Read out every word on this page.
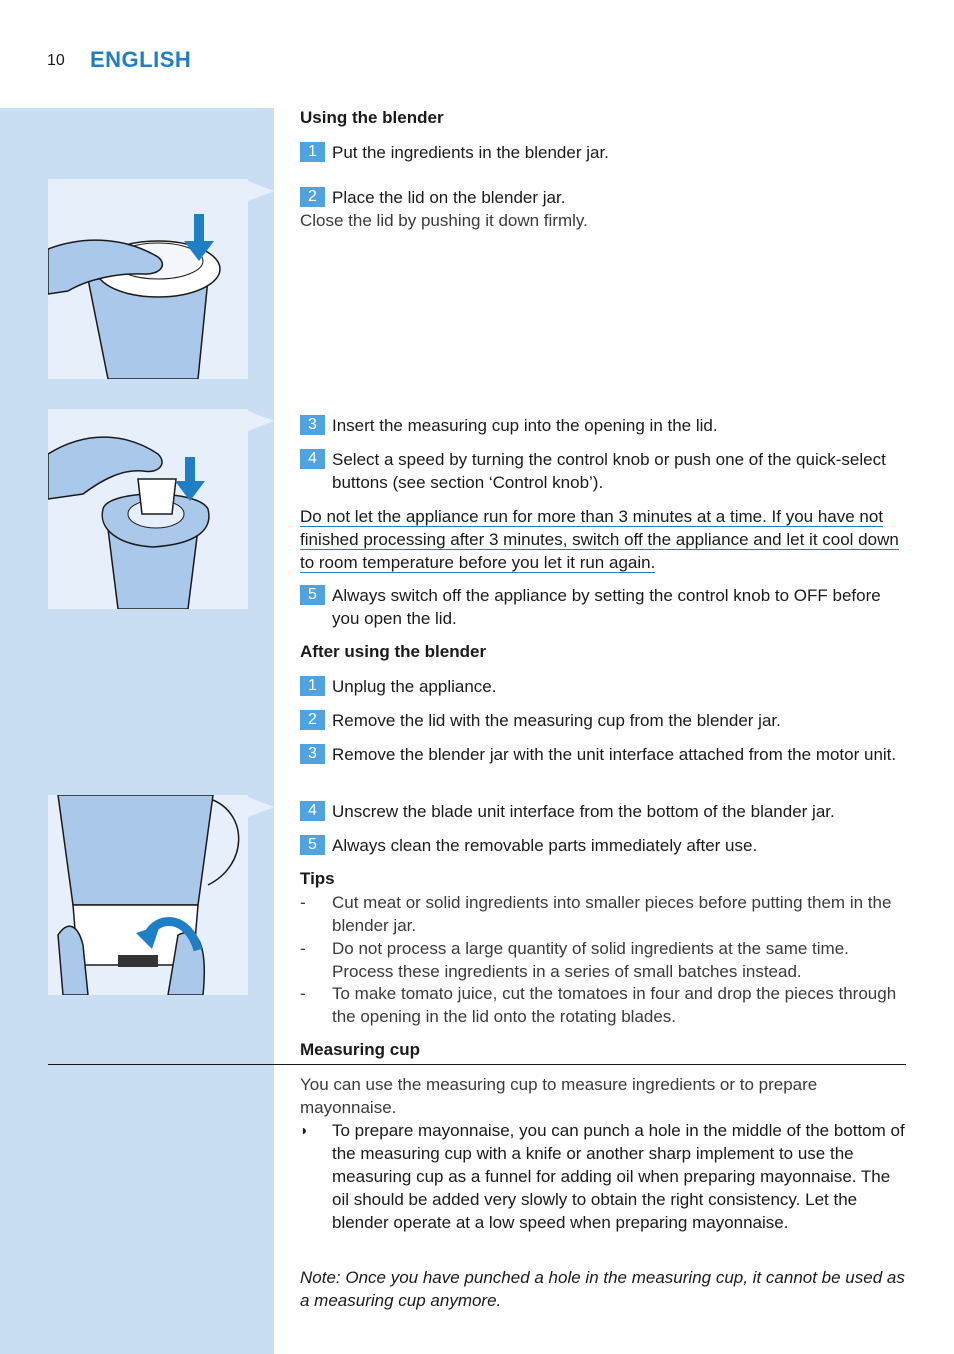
10 ENGLISH
Using the blender
1 Put the ingredients in the blender jar.
2 Place the lid on the blender jar.
Close the lid by pushing it down firmly.
3 Insert the measuring cup into the opening in the lid.
4 Select a speed by turning the control knob or push one of the quick-select buttons (see section ‘Control knob’).
Do not let the appliance run for more than 3 minutes at a time. If you have not finished processing after 3 minutes, switch off the appliance and let it cool down to room temperature before you let it run again.
5 Always switch off the appliance by setting the control knob to OFF before you open the lid.
After using the blender
1 Unplug the appliance.
2 Remove the lid with the measuring cup from the blender jar.
3 Remove the blender jar with the unit interface attached from the motor unit.
4 Unscrew the blade unit interface from the bottom of the blander jar.
5 Always clean the removable parts immediately after use.
Tips
- Cut meat or solid ingredients into smaller pieces before putting them in the blender jar.
- Do not process a large quantity of solid ingredients at the same time. Process these ingredients in a series of small batches instead.
- To make tomato juice, cut the tomatoes in four and drop the pieces through the opening in the lid onto the rotating blades.
Measuring cup
You can use the measuring cup to measure ingredients or to prepare mayonnaise.
◗ To prepare mayonnaise, you can punch a hole in the middle of the bottom of the measuring cup with a knife or another sharp implement to use the measuring cup as a funnel for adding oil when preparing mayonnaise. The oil should be added very slowly to obtain the right consistency. Let the blender operate at a low speed when preparing mayonnaise.
Note: Once you have punched a hole in the measuring cup, it cannot be used as a measuring cup anymore.
